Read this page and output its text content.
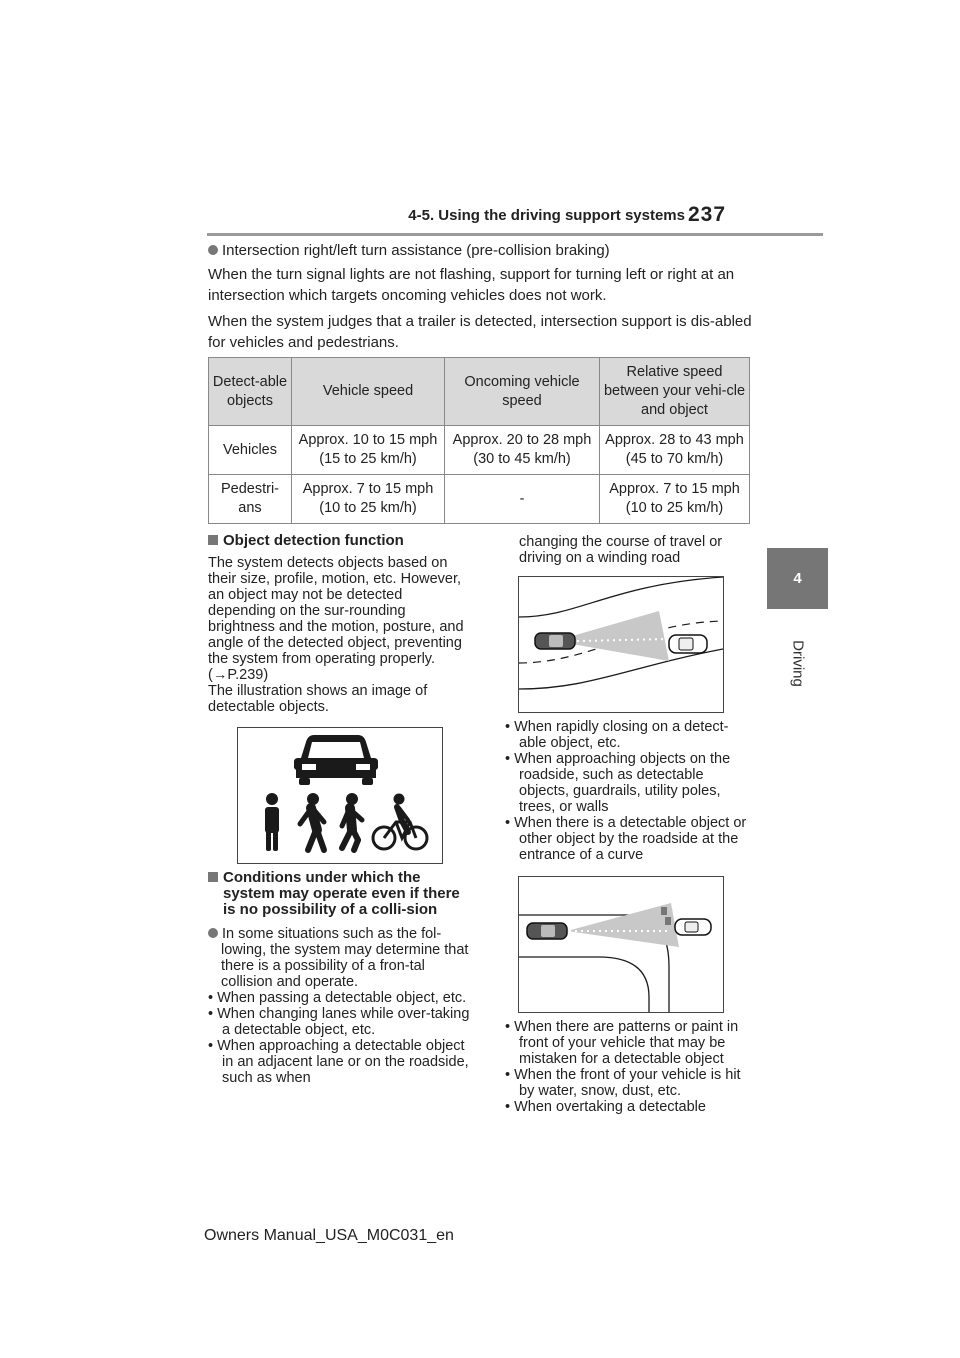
4-5. Using the driving support systems 237
4
Driving
Intersection right/left turn assistance (pre-collision braking)
When the turn signal lights are not flashing, support for turning left or right at an intersection which targets oncoming vehicles does not work.
When the system judges that a trailer is detected, intersection support is dis-abled for vehicles and pedestrians.
Detect-able objects	Vehicle speed	Oncoming vehicle speed	Relative speed between your vehi-cle and object
Vehicles	Approx. 10 to 15 mph (15 to 25 km/h)	Approx. 20 to 28 mph (30 to 45 km/h)	Approx. 28 to 43 mph (45 to 70 km/h)
Pedestri-ans	Approx. 7 to 15 mph (10 to 25 km/h)	-	Approx. 7 to 15 mph (10 to 25 km/h)
Object detection function
The system detects objects based on their size, profile, motion, etc. However, an object may not be detected depending on the sur-rounding brightness and the motion, posture, and angle of the detected object, preventing the system from operating properly. (→P.239)
The illustration shows an image of detectable objects.
Conditions under which the system may operate even if there is no possibility of a colli-sion
In some situations such as the fol-lowing, the system may determine that there is a possibility of a fron-tal collision and operate.
• When passing a detectable object, etc.
• When changing lanes while over-taking a detectable object, etc.
• When approaching a detectable object in an adjacent lane or on the roadside, such as when
changing the course of travel or driving on a winding road
• When rapidly closing on a detect-able object, etc.
• When approaching objects on the roadside, such as detectable objects, guardrails, utility poles, trees, or walls
• When there is a detectable object or other object by the roadside at the entrance of a curve
• When there are patterns or paint in front of your vehicle that may be mistaken for a detectable object
• When the front of your vehicle is hit by water, snow, dust, etc.
• When overtaking a detectable
Owners Manual_USA_M0C031_en
